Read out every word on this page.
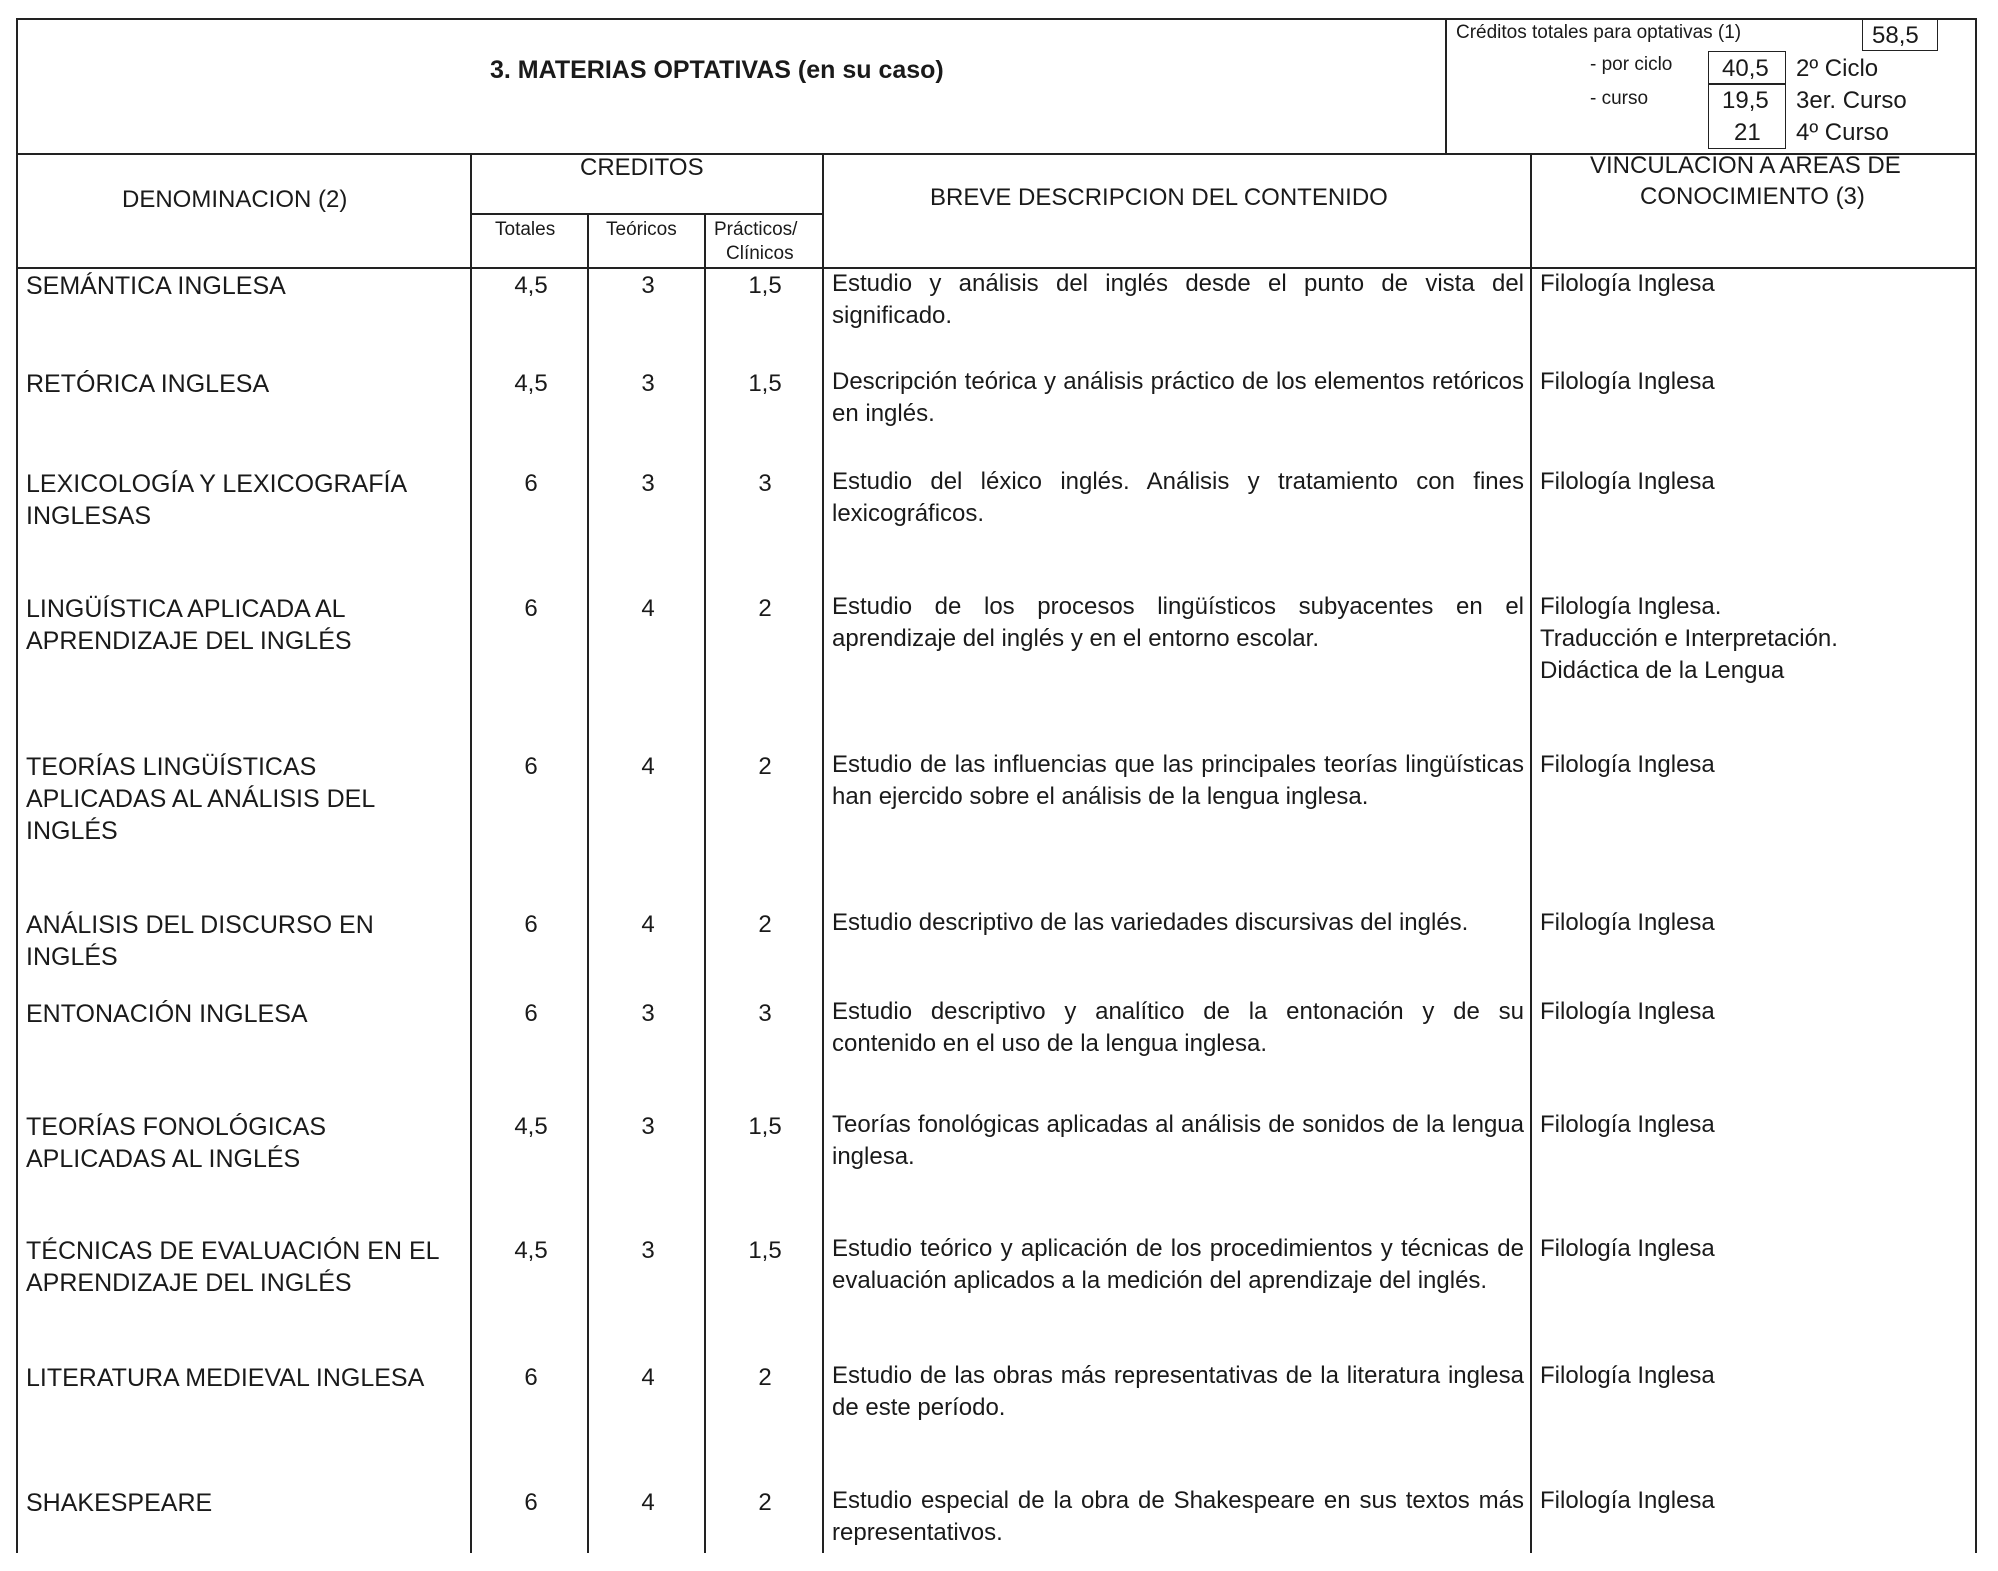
3. MATERIAS OPTATIVAS (en su caso)
Créditos totales para optativas (1)	58,5
- por ciclo 40,5 2º Ciclo
- curso	19,5 3er. Curso
21 4º Curso
DENOMINACION (2)
CREDITOS
Totales	Teóricos Prácticos/
Clínicos
BREVE DESCRIPCION DEL CONTENIDO
VINCULACION A AREAS DE
CONOCIMIENTO (3)
SEMÁNTICA INGLESA	4,5	3	1,5	Estudio y análisis del inglés desde el punto de vista del significado.
Filología Inglesa
RETÓRICA INGLESA	4,5	3	1,5	Descripción teórica y análisis práctico de los elementos retóricos en inglés.
Filología Inglesa
LEXICOLOGÍA Y LEXICOGRAFÍA
INGLESAS
6	3	3	Estudio del léxico inglés. Análisis y tratamiento con fines lexicográficos.
Filología Inglesa
LINGÜÍSTICA APLICADA AL
APRENDIZAJE DEL INGLÉS
6	4	2	Estudio de los procesos lingüísticos subyacentes en el aprendizaje del inglés y en el entorno escolar.
Filología Inglesa.
Traducción e Interpretación.
Didáctica de la Lengua
TEORÍAS LINGÜÍSTICAS
APLICADAS AL ANÁLISIS DEL
INGLÉS
6	4	2	Estudio de las influencias que las principales teorías lingüísticas han ejercido sobre el análisis de la lengua inglesa.
Filología Inglesa
ANÁLISIS DEL DISCURSO EN
INGLÉS
6	4	2	Estudio descriptivo de las variedades discursivas del inglés.	Filología Inglesa
ENTONACIÓN INGLESA	6	3	3	Estudio descriptivo y analítico de la entonación y de su contenido en el uso de la lengua inglesa.
Filología Inglesa
TEORÍAS FONOLÓGICAS
APLICADAS AL INGLÉS
4,5	3	1,5	Teorías fonológicas aplicadas al análisis de sonidos de la lengua inglesa.
Filología Inglesa
TÉCNICAS DE EVALUACIÓN EN EL
APRENDIZAJE DEL INGLÉS
4,5	3	1,5	Estudio teórico y aplicación de los procedimientos y técnicas de evaluación aplicados a la medición del aprendizaje del inglés.
Filología Inglesa
LITERATURA MEDIEVAL INGLESA	6	4	2	Estudio de las obras más representativas de la literatura inglesa de este período.
Filología Inglesa
SHAKESPEARE	6	4	2	Estudio especial de la obra de Shakespeare en sus textos más representativos.
Filología Inglesa
